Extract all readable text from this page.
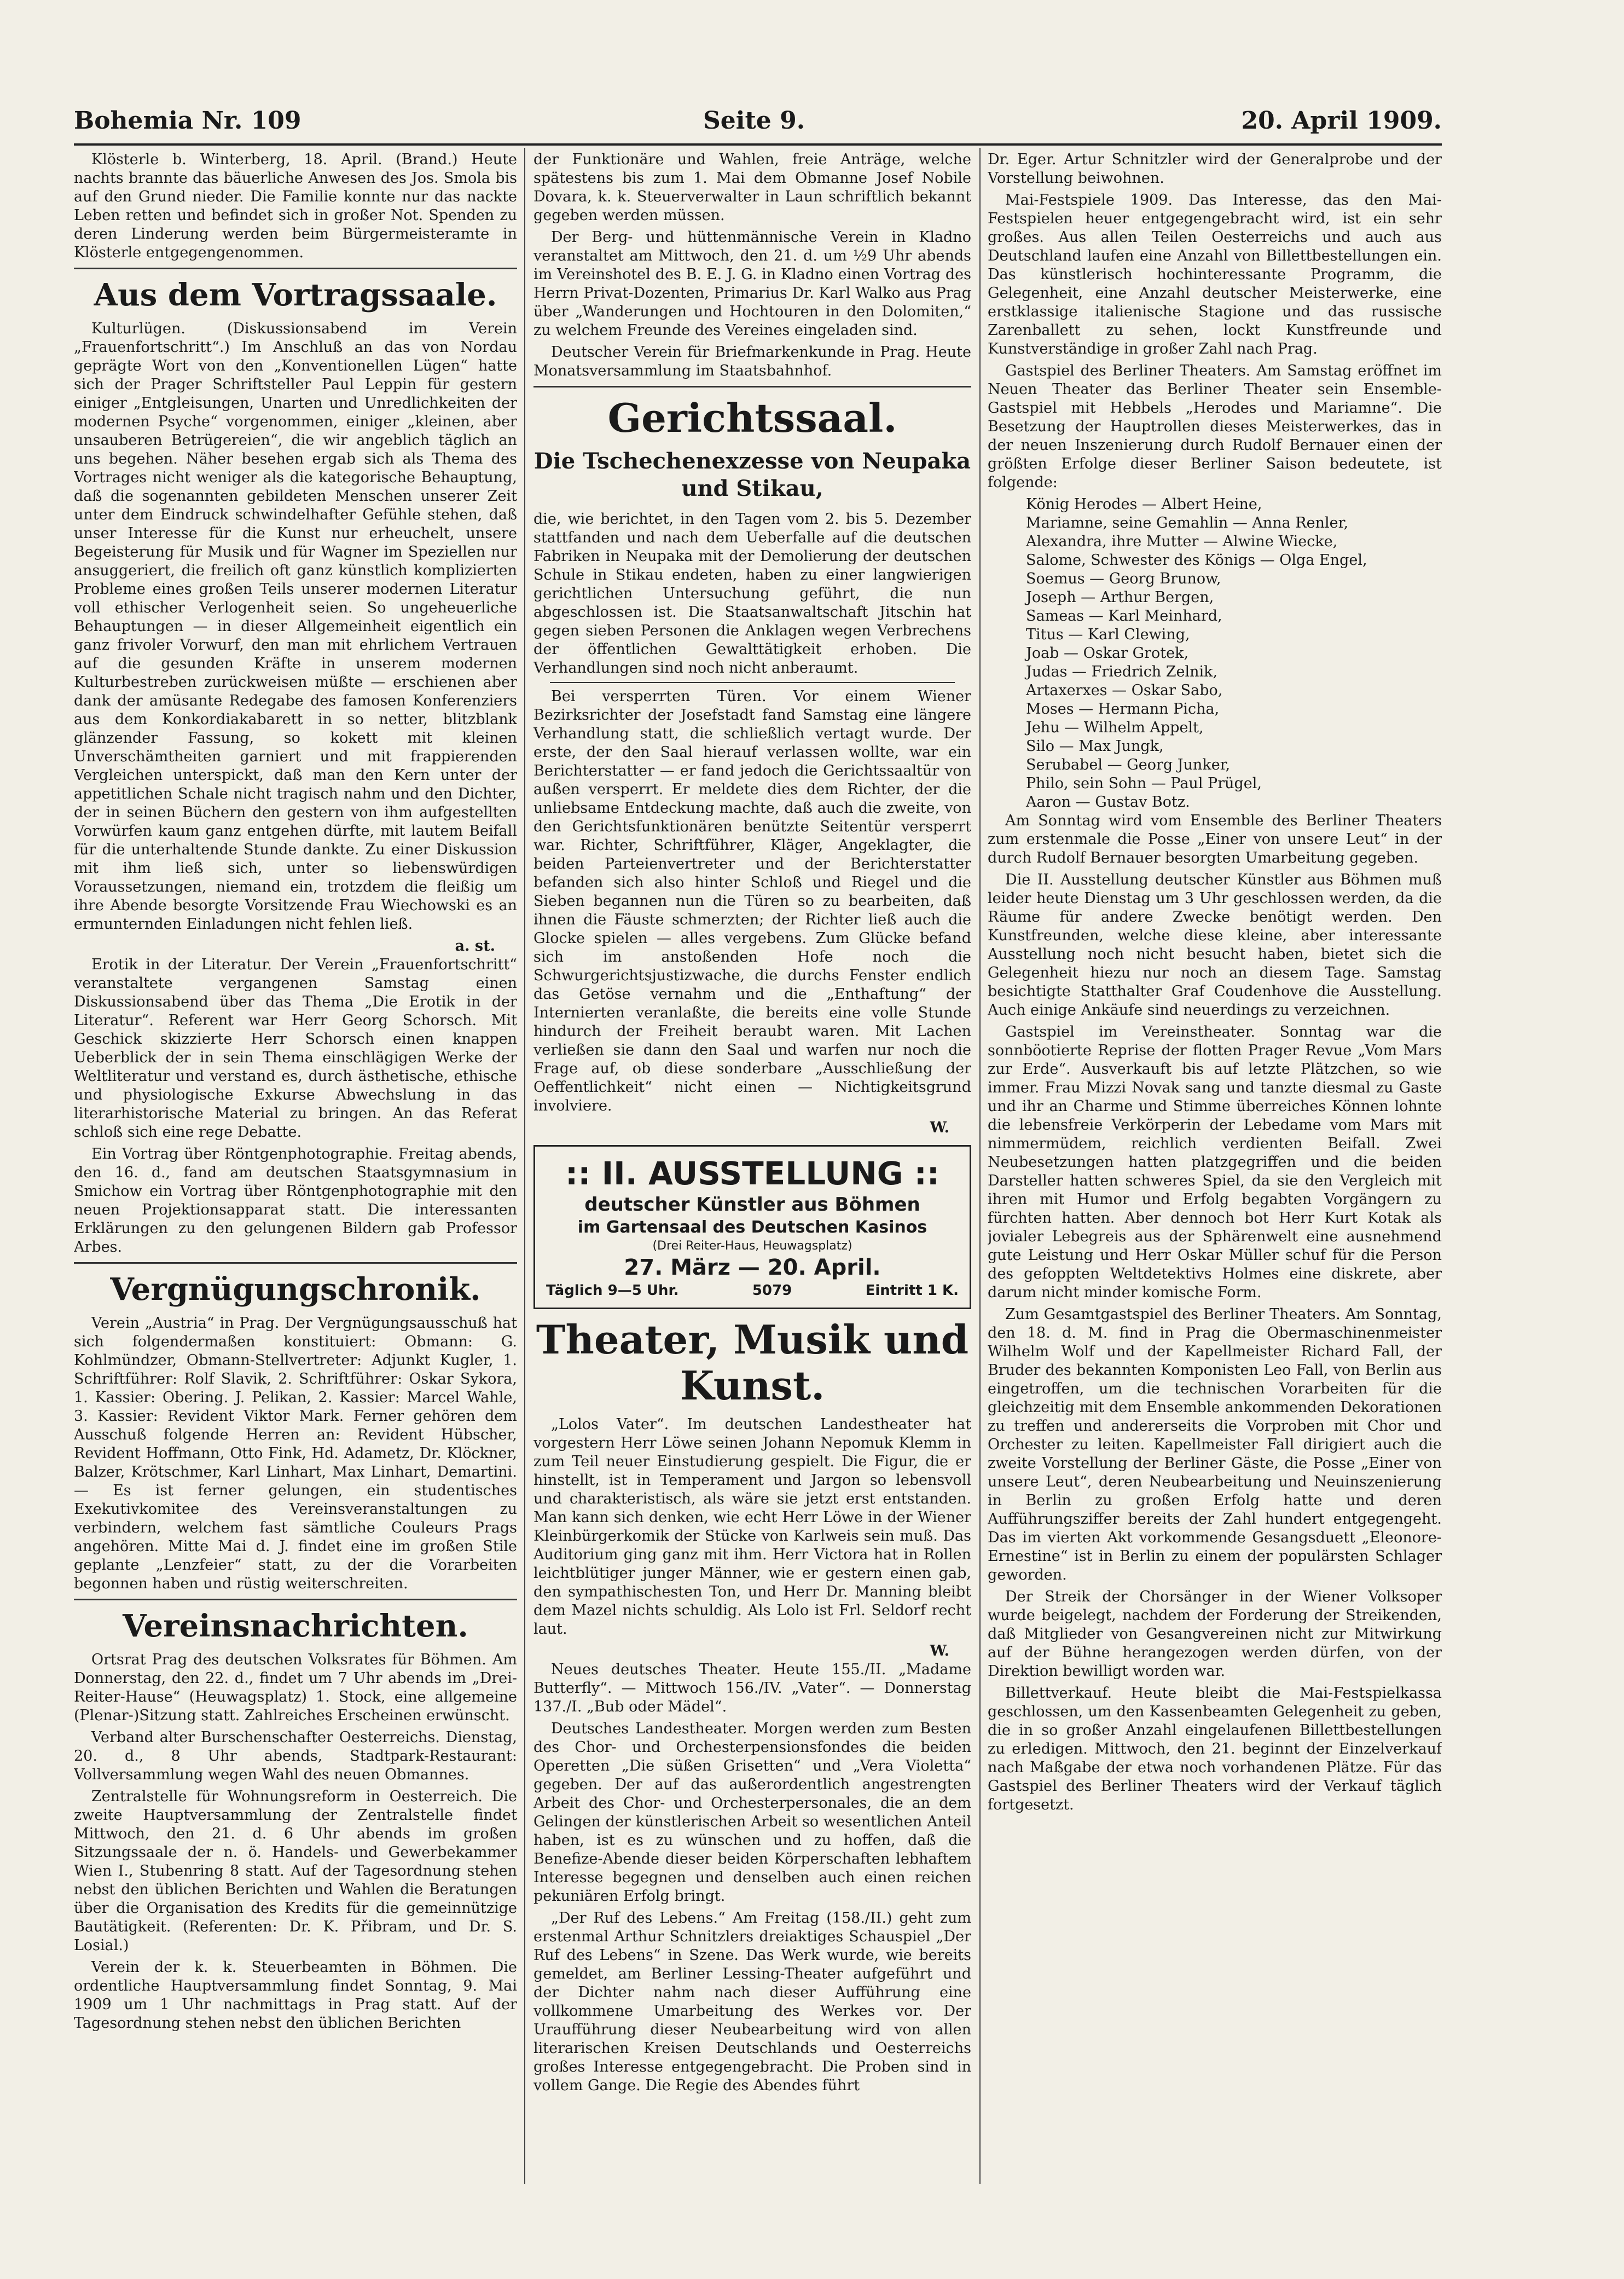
Bohemia Nr. 109	Seite 9.	20. April 1909.

Klösterle b. Winterberg, 18. April. (Brand.) Heute nachts brannte das bäuerliche Anwesen des Jos. Smola bis auf den Grund nieder. Die Familie konnte nur das nackte Leben retten und befindet sich in großer Not. Spenden zu deren Linderung werden beim Bürgermeisteramte in Klösterle entgegengenommen.

Aus dem Vortragssaale.

Kulturlügen. (Diskussionsabend im Verein „Frauenfortschritt“.) Im Anschluß an das von Nordau geprägte Wort von den „Konventionellen Lügen“ hatte sich der Prager Schriftsteller Paul Leppin für gestern einiger „Entgleisungen, Unarten und Unredlichkeiten der modernen Psyche“ vorgenommen, einiger „kleinen, aber unsauberen Betrügereien“, die wir angeblich täglich an uns begehen. Näher besehen ergab sich als Thema des Vortrages nicht weniger als die kategorische Behauptung, daß die sogenannten gebildeten Menschen unserer Zeit unter dem Eindruck schwindelhafter Gefühle stehen, daß unser Interesse für die Kunst nur erheuchelt, unsere Begeisterung für Musik und für Wagner im Speziellen nur ansuggeriert, die freilich oft ganz künstlich komplizierten Probleme eines großen Teils unserer modernen Literatur voll ethischer Verlogenheit seien. So ungeheuerliche Behauptungen — in dieser Allgemeinheit eigentlich ein ganz frivoler Vorwurf, den man mit ehrlichem Vertrauen auf die gesunden Kräfte in unserem modernen Kulturbestreben zurückweisen müßte — erschienen aber dank der amüsante Redegabe des famosen Konferenziers aus dem Konkordiakabarett in so netter, blitzblank glänzender Fassung, so kokett mit kleinen Unverschämtheiten garniert und mit frappierenden Vergleichen unterspickt, daß man den Kern unter der appetitlichen Schale nicht tragisch nahm und den Dichter, der in seinen Büchern den gestern von ihm aufgestellten Vorwürfen kaum ganz entgehen dürfte, mit lautem Beifall für die unterhaltende Stunde dankte. Zu einer Diskussion mit ihm ließ sich, unter so liebenswürdigen Voraussetzungen, niemand ein, trotzdem die fleißig um ihre Abende besorgte Vorsitzende Frau Wiechowski es an ermunternden Einladungen nicht fehlen ließ.

a. st.

Erotik in der Literatur. Der Verein „Frauenfortschritt“ veranstaltete vergangenen Samstag einen Diskussionsabend über das Thema „Die Erotik in der Literatur“. Referent war Herr Georg Schorsch. Mit Geschick skizzierte Herr Schorsch einen knappen Ueberblick der in sein Thema einschlägigen Werke der Weltliteratur und verstand es, durch ästhetische, ethische und physiologische Exkurse Abwechslung in das literarhistorische Material zu bringen. An das Referat schloß sich eine rege Debatte.

Ein Vortrag über Röntgenphotographie. Freitag abends, den 16. d., fand am deutschen Staatsgymnasium in Smichow ein Vortrag über Röntgenphotographie mit den neuen Projektionsapparat statt. Die interessanten Erklärungen zu den gelungenen Bildern gab Professor Arbes.

Vergnügungschronik.

Verein „Austria“ in Prag. Der Vergnügungsausschuß hat sich folgendermaßen konstituiert: Obmann: G. Kohlmündzer, Obmann-Stellvertreter: Adjunkt Kugler, 1. Schriftführer: Rolf Slavik, 2. Schriftführer: Oskar Sykora, 1. Kassier: Obering. J. Pelikan, 2. Kassier: Marcel Wahle, 3. Kassier: Revident Viktor Mark. Ferner gehören dem Ausschuß folgende Herren an: Revident Hübscher, Revident Hoffmann, Otto Fink, Hd. Adametz, Dr. Klöckner, Balzer, Krötschmer, Karl Linhart, Max Linhart, Demartini. — Es ist ferner gelungen, ein studentisches Exekutivkomitee des Vereinsveranstaltungen zu verbindern, welchem fast sämtliche Couleurs Prags angehören. Mitte Mai d. J. findet eine im großen Stile geplante „Lenzfeier“ statt, zu der die Vorarbeiten begonnen haben und rüstig weiterschreiten.

Vereinsnachrichten.

Ortsrat Prag des deutschen Volksrates für Böhmen. Am Donnerstag, den 22. d., findet um 7 Uhr abends im „Drei-Reiter-Hause“ (Heuwagsplatz) 1. Stock, eine allgemeine (Plenar-)Sitzung statt. Zahlreiches Erscheinen erwünscht.

Verband alter Burschenschafter Oesterreichs. Dienstag, 20. d., 8 Uhr abends, Stadtpark-Restaurant: Vollversammlung wegen Wahl des neuen Obmannes.

Zentralstelle für Wohnungsreform in Oesterreich. Die zweite Hauptversammlung der Zentralstelle findet Mittwoch, den 21. d. 6 Uhr abends im großen Sitzungssaale der n. ö. Handels- und Gewerbekammer Wien I., Stubenring 8 statt. Auf der Tagesordnung stehen nebst den üblichen Berichten und Wahlen die Beratungen über die Organisation des Kredits für die gemeinnützige Bautätigkeit. (Referenten: Dr. K. Přibram, und Dr. S. Losial.)

Verein der k. k. Steuerbeamten in Böhmen. Die ordentliche Hauptversammlung findet Sonntag, 9. Mai 1909 um 1 Uhr nachmittags in Prag statt. Auf der Tagesordnung stehen nebst den üblichen Berichten

der Funktionäre und Wahlen, freie Anträge, welche spätestens bis zum 1. Mai dem Obmanne Josef Nobile Dovara, k. k. Steuerverwalter in Laun schriftlich bekannt gegeben werden müssen.

Der Berg- und hüttenmännische Verein in Kladno veranstaltet am Mittwoch, den 21. d. um ½9 Uhr abends im Vereinshotel des B. E. J. G. in Kladno einen Vortrag des Herrn Privat-Dozenten, Primarius Dr. Karl Walko aus Prag über „Wanderungen und Hochtouren in den Dolomiten,“ zu welchem Freunde des Vereines eingeladen sind.

Deutscher Verein für Briefmarkenkunde in Prag. Heute Monatsversammlung im Staatsbahnhof.

Gerichtssaal.
Die Tschechenexzesse von Neupaka und Stikau,

die, wie berichtet, in den Tagen vom 2. bis 5. Dezember stattfanden und nach dem Ueberfalle auf die deutschen Fabriken in Neupaka mit der Demolierung der deutschen Schule in Stikau endeten, haben zu einer langwierigen gerichtlichen Untersuchung geführt, die nun abgeschlossen ist. Die Staatsanwaltschaft Jitschin hat gegen sieben Personen die Anklagen wegen Verbrechens der öffentlichen Gewalttätigkeit erhoben. Die Verhandlungen sind noch nicht anberaumt.

Bei versperrten Türen. Vor einem Wiener Bezirksrichter der Josefstadt fand Samstag eine längere Verhandlung statt, die schließlich vertagt wurde. Der erste, der den Saal hierauf verlassen wollte, war ein Berichterstatter — er fand jedoch die Gerichtssaaltür von außen versperrt. Er meldete dies dem Richter, der die unliebsame Entdeckung machte, daß auch die zweite, von den Gerichtsfunktionären benützte Seitentür versperrt war. Richter, Schriftführer, Kläger, Angeklagter, die beiden Parteienvertreter und der Berichterstatter befanden sich also hinter Schloß und Riegel und die Sieben begannen nun die Türen so zu bearbeiten, daß ihnen die Fäuste schmerzten; der Richter ließ auch die Glocke spielen — alles vergebens. Zum Glücke befand sich im anstoßenden Hofe noch die Schwurgerichtsjustizwache, die durchs Fenster endlich das Getöse vernahm und die „Enthaftung“ der Internierten veranlaßte, die bereits eine volle Stunde hindurch der Freiheit beraubt waren. Mit Lachen verließen sie dann den Saal und warfen nur noch die Frage auf, ob diese sonderbare „Ausschließung der Oeffentlichkeit“ nicht einen — Nichtigkeitsgrund involviere.

W.
:: II. AUSSTELLUNG ::
deutscher Künstler aus Böhmen
im Gartensaal des Deutschen Kasinos
(Drei Reiter-Haus, Heuwagsplatz)
27. März — 20. April.
Täglich 9—5 Uhr.	5079	Eintritt 1 K.
Theater, Musik und Kunst.

„Lolos Vater“. Im deutschen Landestheater hat vorgestern Herr Löwe seinen Johann Nepomuk Klemm in zum Teil neuer Einstudierung gespielt. Die Figur, die er hinstellt, ist in Temperament und Jargon so lebensvoll und charakteristisch, als wäre sie jetzt erst entstanden. Man kann sich denken, wie echt Herr Löwe in der Wiener Kleinbürgerkomik der Stücke von Karlweis sein muß. Das Auditorium ging ganz mit ihm. Herr Victora hat in Rollen leichtblütiger junger Männer, wie er gestern einen gab, den sympathischesten Ton, und Herr Dr. Manning bleibt dem Mazel nichts schuldig. Als Lolo ist Frl. Seldorf recht laut.

W.

Neues deutsches Theater. Heute 155./II. „Madame Butterfly“. — Mittwoch 156./IV. „Vater“. — Donnerstag 137./I. „Bub oder Mädel“.

Deutsches Landestheater. Morgen werden zum Besten des Chor- und Orchesterpensionsfondes die beiden Operetten „Die süßen Grisetten“ und „Vera Violetta“ gegeben. Der auf das außerordentlich angestrengten Arbeit des Chor- und Orchesterpersonales, die an dem Gelingen der künstlerischen Arbeit so wesentlichen Anteil haben, ist es zu wünschen und zu hoffen, daß die Benefize-Abende dieser beiden Körperschaften lebhaftem Interesse begegnen und denselben auch einen reichen pekuniären Erfolg bringt.

„Der Ruf des Lebens.“ Am Freitag (158./II.) geht zum erstenmal Arthur Schnitzlers dreiaktiges Schauspiel „Der Ruf des Lebens“ in Szene. Das Werk wurde, wie bereits gemeldet, am Berliner Lessing-Theater aufgeführt und der Dichter nahm nach dieser Aufführung eine vollkommene Umarbeitung des Werkes vor. Der Uraufführung dieser Neubearbeitung wird von allen literarischen Kreisen Deutschlands und Oesterreichs großes Interesse entgegengebracht. Die Proben sind in vollem Gange. Die Regie des Abendes führt

Dr. Eger. Artur Schnitzler wird der Generalprobe und der Vorstellung beiwohnen.

Mai-Festspiele 1909. Das Interesse, das den Mai-Festspielen heuer entgegengebracht wird, ist ein sehr großes. Aus allen Teilen Oesterreichs und auch aus Deutschland laufen eine Anzahl von Billettbestellungen ein. Das künstlerisch hochinteressante Programm, die Gelegenheit, eine Anzahl deutscher Meisterwerke, eine erstklassige italienische Stagione und das russische Zarenballett zu sehen, lockt Kunstfreunde und Kunstverständige in großer Zahl nach Prag.

Gastspiel des Berliner Theaters. Am Samstag eröffnet im Neuen Theater das Berliner Theater sein Ensemble-Gastspiel mit Hebbels „Herodes und Mariamne“. Die Besetzung der Hauptrollen dieses Meisterwerkes, das in der neuen Inszenierung durch Rudolf Bernauer einen der größten Erfolge dieser Berliner Saison bedeutete, ist folgende:

König Herodes — Albert Heine,

Mariamne, seine Gemahlin — Anna Renler,

Alexandra, ihre Mutter — Alwine Wiecke,

Salome, Schwester des Königs — Olga Engel,

Soemus — Georg Brunow,

Joseph — Arthur Bergen,

Sameas — Karl Meinhard,

Titus — Karl Clewing,

Joab — Oskar Grotek,

Judas — Friedrich Zelnik,

Artaxerxes — Oskar Sabo,

Moses — Hermann Picha,

Jehu — Wilhelm Appelt,

Silo — Max Jungk,

Serubabel — Georg Junker,

Philo, sein Sohn — Paul Prügel,

Aaron — Gustav Botz.

Am Sonntag wird vom Ensemble des Berliner Theaters zum erstenmale die Posse „Einer von unsere Leut“ in der durch Rudolf Bernauer besorgten Umarbeitung gegeben.

Die II. Ausstellung deutscher Künstler aus Böhmen muß leider heute Dienstag um 3 Uhr geschlossen werden, da die Räume für andere Zwecke benötigt werden. Den Kunstfreunden, welche diese kleine, aber interessante Ausstellung noch nicht besucht haben, bietet sich die Gelegenheit hiezu nur noch an diesem Tage. Samstag besichtigte Statthalter Graf Coudenhove die Ausstellung. Auch einige Ankäufe sind neuerdings zu verzeichnen.

Gastspiel im Vereinstheater. Sonntag war die sonnböotierte Reprise der flotten Prager Revue „Vom Mars zur Erde“. Ausverkauft bis auf letzte Plätzchen, so wie immer. Frau Mizzi Novak sang und tanzte diesmal zu Gaste und ihr an Charme und Stimme überreiches Können lohnte die lebensfreie Verkörperin der Lebedame vom Mars mit nimmermüdem, reichlich verdienten Beifall. Zwei Neubesetzungen hatten platzgegriffen und die beiden Darsteller hatten schweres Spiel, da sie den Vergleich mit ihren mit Humor und Erfolg begabten Vorgängern zu fürchten hatten. Aber dennoch bot Herr Kurt Kotak als jovialer Lebegreis aus der Sphärenwelt eine ausnehmend gute Leistung und Herr Oskar Müller schuf für die Person des gefoppten Weltdetektivs Holmes eine diskrete, aber darum nicht minder komische Form.

Zum Gesamtgastspiel des Berliner Theaters. Am Sonntag, den 18. d. M. find in Prag die Obermaschinenmeister Wilhelm Wolf und der Kapellmeister Richard Fall, der Bruder des bekannten Komponisten Leo Fall, von Berlin aus eingetroffen, um die technischen Vorarbeiten für die gleichzeitig mit dem Ensemble ankommenden Dekorationen zu treffen und andererseits die Vorproben mit Chor und Orchester zu leiten. Kapellmeister Fall dirigiert auch die zweite Vorstellung der Berliner Gäste, die Posse „Einer von unsere Leut“, deren Neubearbeitung und Neuinszenierung in Berlin zu großen Erfolg hatte und deren Aufführungsziffer bereits der Zahl hundert entgegengeht. Das im vierten Akt vorkommende Gesangsduett „Eleonore-Ernestine“ ist in Berlin zu einem der populärsten Schlager geworden.

Der Streik der Chorsänger in der Wiener Volksoper wurde beigelegt, nachdem der Forderung der Streikenden, daß Mitglieder von Gesangvereinen nicht zur Mitwirkung auf der Bühne herangezogen werden dürfen, von der Direktion bewilligt worden war.

Billettverkauf. Heute bleibt die Mai-Festspielkassa geschlossen, um den Kassenbeamten Gelegenheit zu geben, die in so großer Anzahl eingelaufenen Billettbestellungen zu erledigen. Mittwoch, den 21. beginnt der Einzelverkauf nach Maßgabe der etwa noch vorhandenen Plätze. Für das Gastspiel des Berliner Theaters wird der Verkauf täglich fortgesetzt.
